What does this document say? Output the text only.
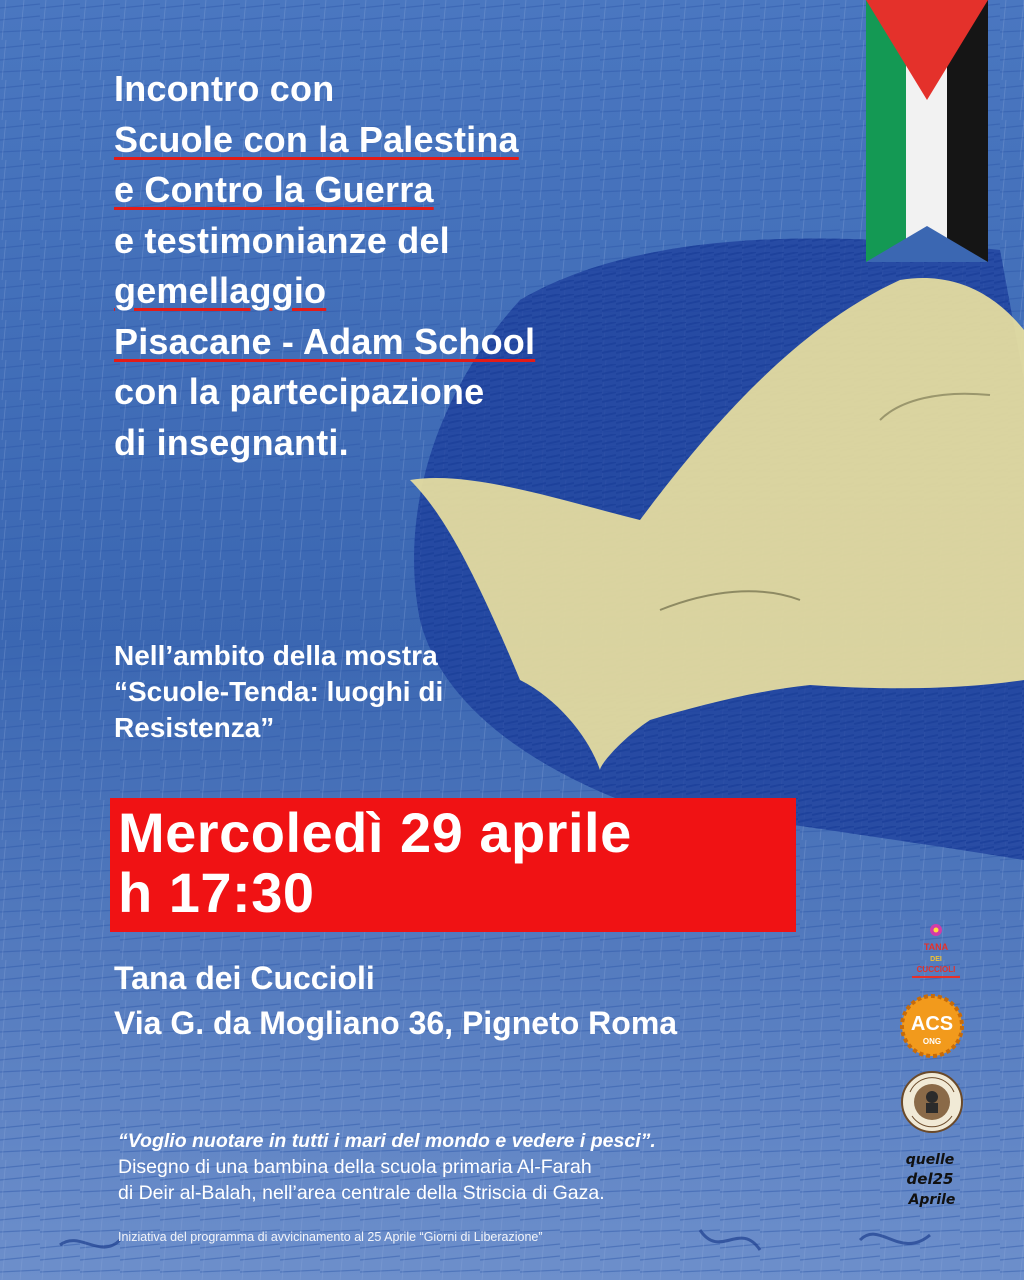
Incontro con
Scuole con la Palestina
e Contro la Guerra
e testimonianze del
gemellaggio
Pisacane - Adam School
con la partecipazione
di insegnanti.
Nell’ambito della mostra
“Scuole-Tenda: luoghi di
Resistenza”
Mercoledì 29 aprile
h 17:30
Tana dei Cuccioli
Via G. da Mogliano 36, Pigneto Roma
“Voglio nuotare in tutti i mari del mondo e vedere i pesci”.
Disegno di una bambina della scuola primaria Al-Farah
di Deir al-Balah, nell’area centrale della Striscia di Gaza.
Iniziativa del programma di avvicinamento al 25 Aprile “Giorni di Liberazione”
TANA
DEI
CUCCIOLI
ACS
ONG
quelle
del25
Aprile
